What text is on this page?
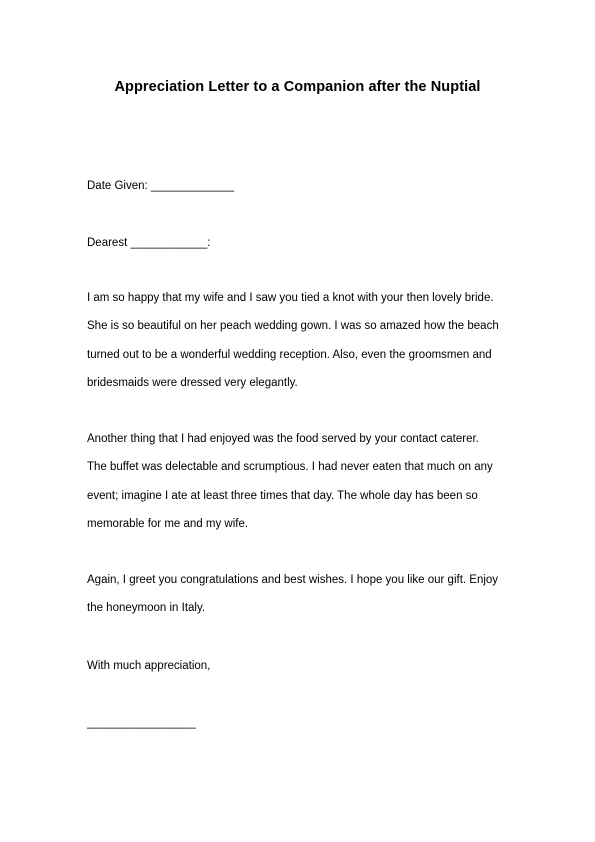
Appreciation Letter to a Companion after the Nuptial
Date Given: _____________
Dearest ____________:
I am so happy that my wife and I saw you tied a knot with your then lovely bride.
She is so beautiful on her peach wedding gown. I was so amazed how the beach
turned out to be a wonderful wedding reception. Also, even the groomsmen and
bridesmaids were dressed very elegantly.
Another thing that I had enjoyed was the food served by your contact caterer.
The buffet was delectable and scrumptious. I had never eaten that much on any
event; imagine I ate at least three times that day. The whole day has been so
memorable for me and my wife.
Again, I greet you congratulations and best wishes. I hope you like our gift. Enjoy
the honeymoon in Italy.
With much appreciation,
_________________
